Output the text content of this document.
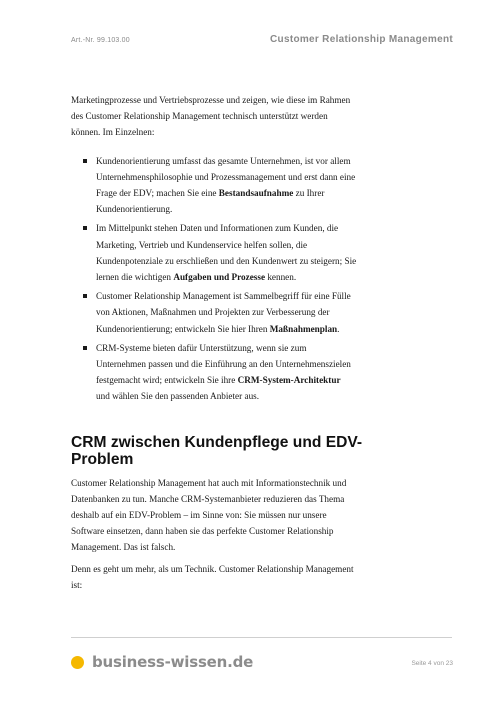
Art.-Nr. 99.103.00	Customer Relationship Management

Marketingprozesse und Vertriebsprozesse und zeigen, wie diese im Rahmen
des Customer Relationship Management technisch unterstützt werden
können. Im Einzelnen:

Kundenorientierung umfasst das gesamte Unternehmen, ist vor allem
Unternehmensphilosophie und Prozessmanagement und erst dann eine
Frage der EDV; machen Sie eine Bestandsaufnahme zu Ihrer
Kundenorientierung.
Im Mittelpunkt stehen Daten und Informationen zum Kunden, die
Marketing, Vertrieb und Kundenservice helfen sollen, die
Kundenpotenziale zu erschließen und den Kundenwert zu steigern; Sie
lernen die wichtigen Aufgaben und Prozesse kennen.
Customer Relationship Management ist Sammelbegriff für eine Fülle
von Aktionen, Maßnahmen und Projekten zur Verbesserung der
Kundenorientierung; entwickeln Sie hier Ihren Maßnahmenplan.
CRM-Systeme bieten dafür Unterstützung, wenn sie zum
Unternehmen passen und die Einführung an den Unternehmenszielen
festgemacht wird; entwickeln Sie ihre CRM-System-Architektur
und wählen Sie den passenden Anbieter aus.
CRM zwischen Kundenpflege und EDV-
Problem

Customer Relationship Management hat auch mit Informationstechnik und
Datenbanken zu tun. Manche CRM-Systemanbieter reduzieren das Thema
deshalb auf ein EDV-Problem – im Sinne von: Sie müssen nur unsere
Software einsetzen, dann haben sie das perfekte Customer Relationship
Management. Das ist falsch.

Denn es geht um mehr, als um Technik. Customer Relationship Management
ist:

business-wissen.de	Seite 4 von 23
